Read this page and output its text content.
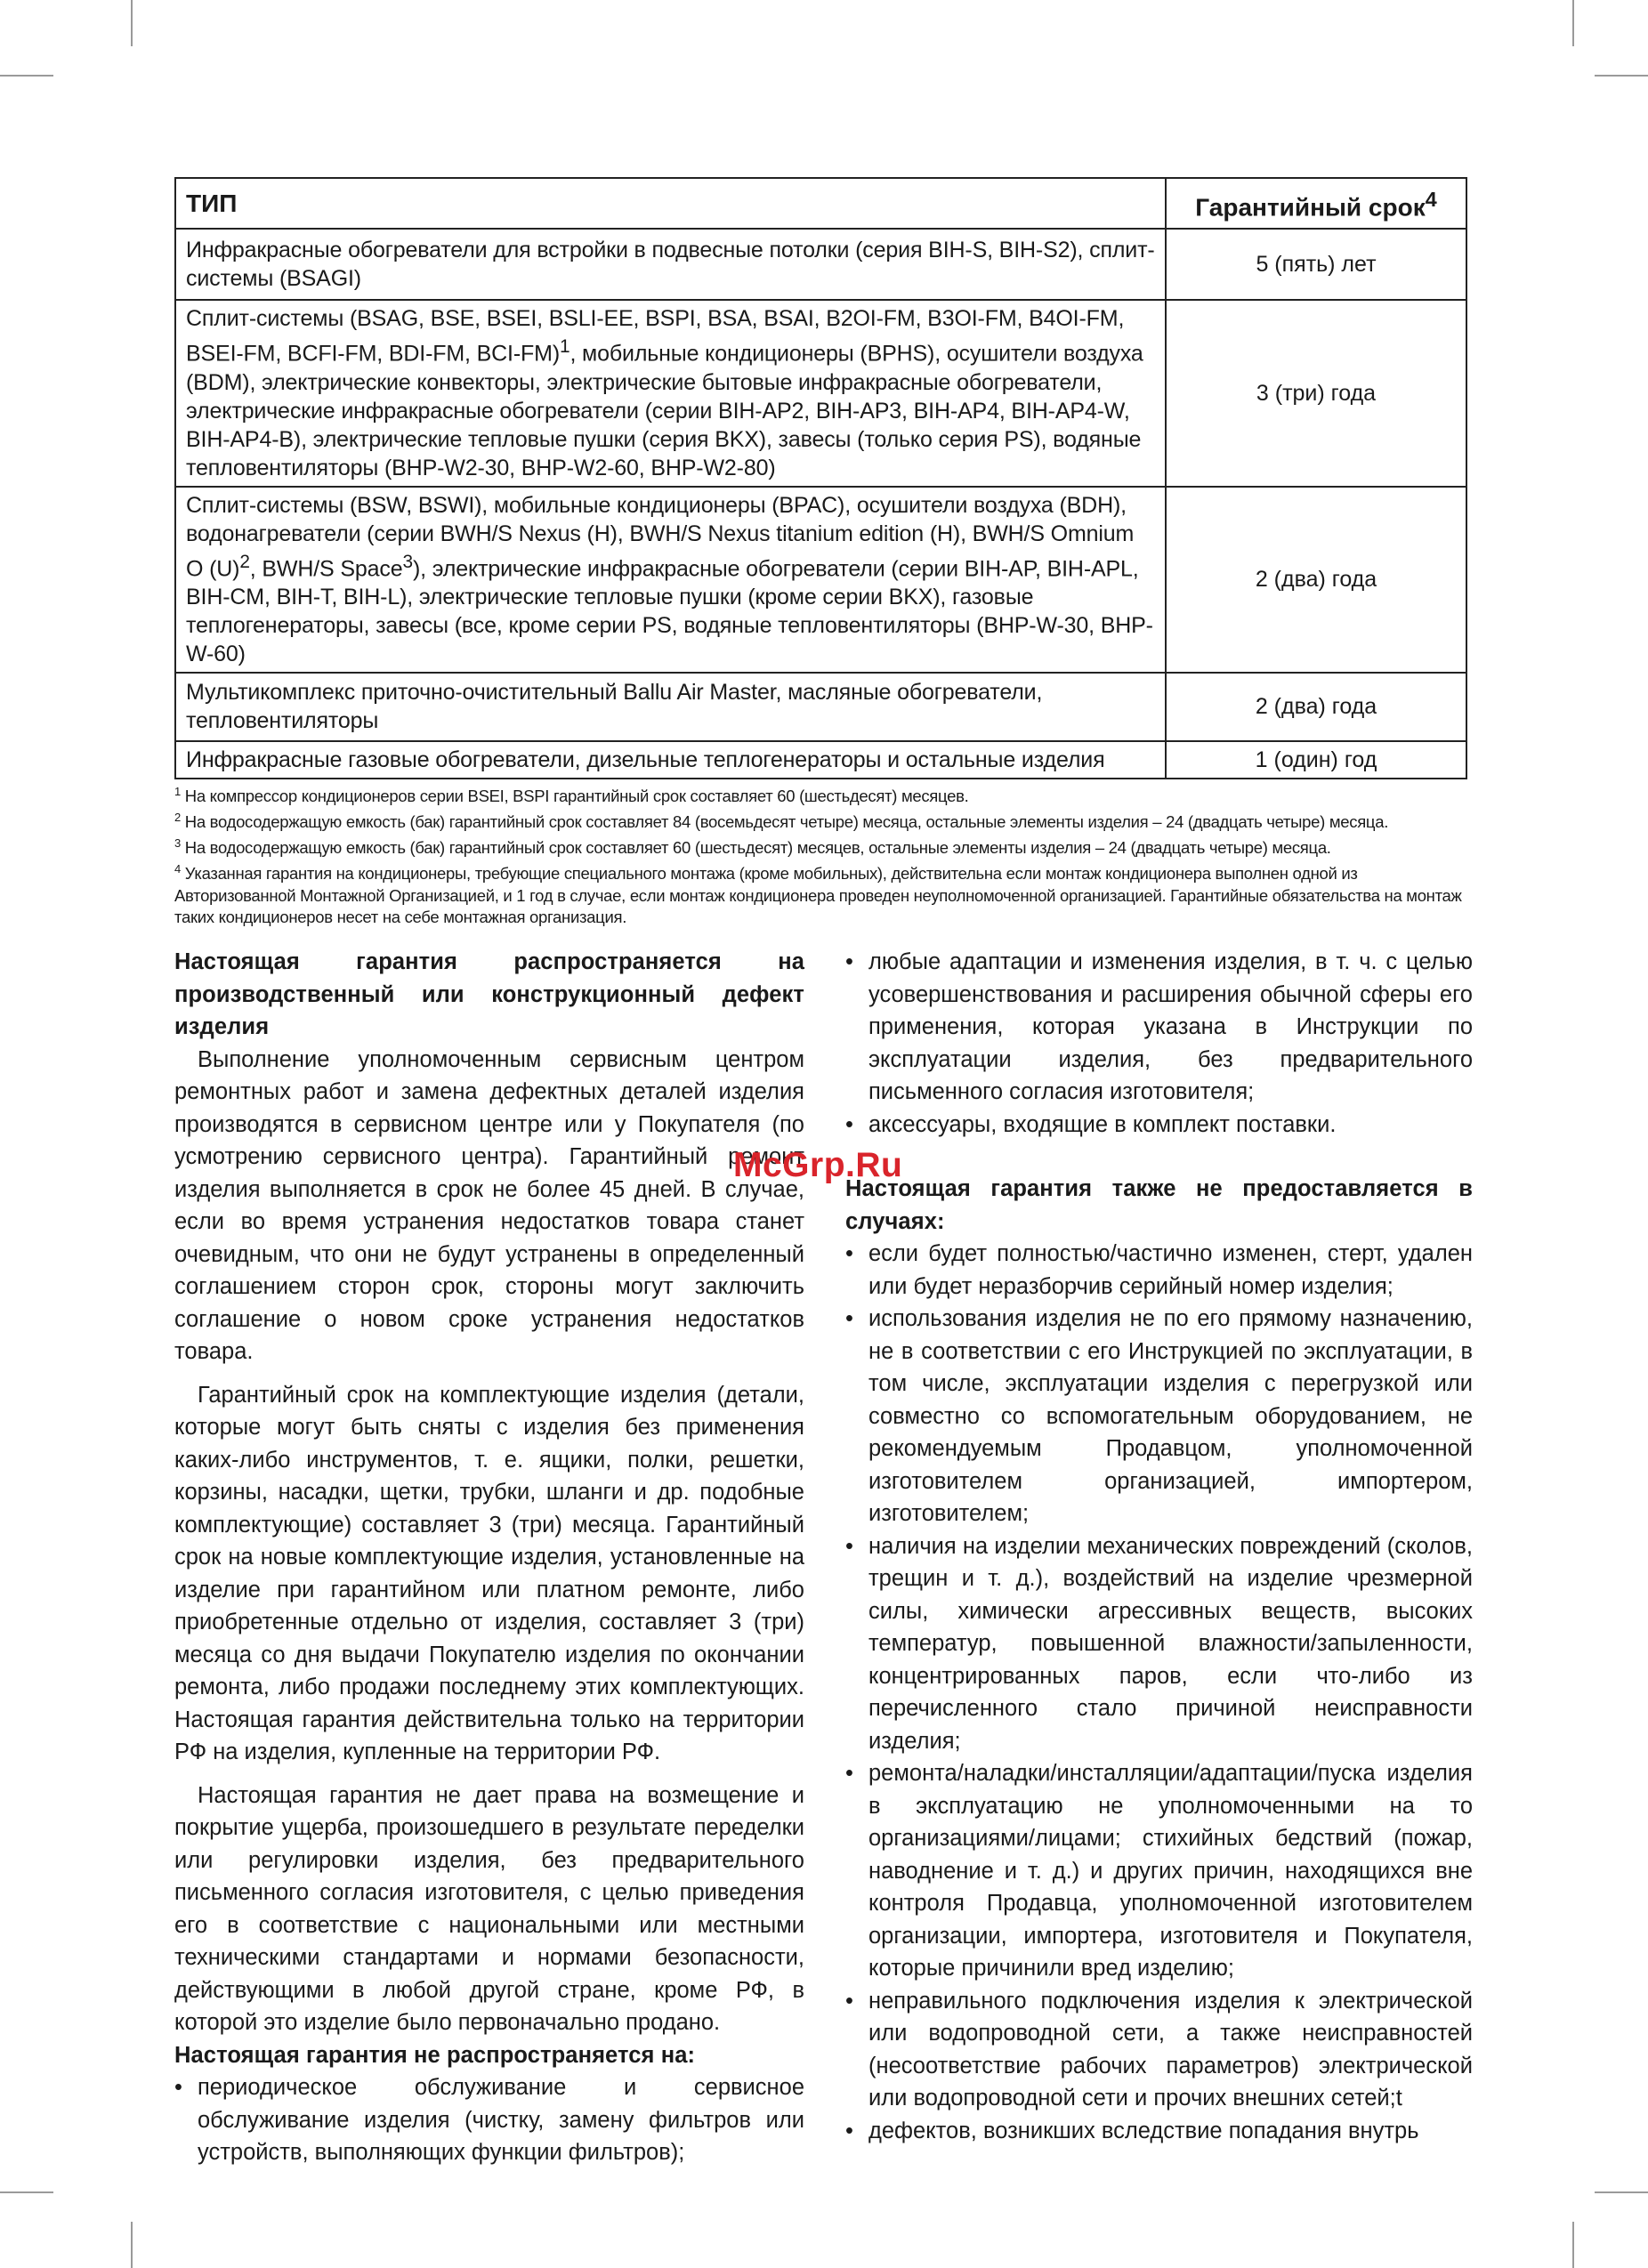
ТИП	Гарантийный срок$^4$
Инфракрасные обогреватели для встройки в подвесные потолки (серия BIH-S, BIH-S2), сплит-системы (BSAGI)	5 (пять) лет
Сплит-системы (BSAG, BSE, BSEI, BSLI-EE, BSPI, BSA, BSAI, B2OI-FM, B3OI-FM, B4OI-FM, BSEI-FM, BCFI-FM, BDI-FM, BCI-FM)$^1$, мобильные кондиционеры (BPHS), осушители воздуха (BDM), электрические конвекторы, электрические бытовые инфракрасные обогреватели, электрические инфракрасные обогреватели (серии BIH-AP2, BIH-AP3, BIH-AP4, BIH-AP4-W, BIH-AP4-B), электрические тепловые пушки (серия BKX), завесы (только серия PS), водяные тепловентиляторы (BHP-W2-30, BHP-W2-60, BHP-W2-80)	3 (три) года
Сплит-системы (BSW, BSWI), мобильные кондиционеры (BPAC), осушители воздуха (BDH), водонагреватели (серии BWH/S Nexus (H), BWH/S Nexus titanium edition (H), BWH/S Omnium O $(U)^2$, BWH/S Space$^3$), электрические инфракрасные обогреватели (серии BIH-AP, BIH-APL, BIH-CM, BIH-T, BIH-L), электрические тепловые пушки (кроме серии BKX), газовые теплогенераторы, завесы (все, кроме серии PS, водяные тепловентиляторы (BHP-W-30, BHP-W-60)	2 (два) года
Мультикомплекс приточно-очистительный Ballu Air Master, масляные обогреватели, тепловентиляторы	2 (два) года
Инфракрасные газовые обогреватели, дизельные теплогенераторы и остальные изделия	1 (один) год
$^1$ На компрессор кондиционеров серии BSEI, BSPI гарантийный срок составляет 60 (шестьдесят) месяцев.
$^2$ На водосодержащую емкость (бак) гарантийный срок составляет 84 (восемьдесят четыре) месяца, остальные элементы изделия – 24 (двадцать четыре) месяца.
$^3$ На водосодержащую емкость (бак) гарантийный срок составляет 60 (шестьдесят) месяцев, остальные элементы изделия – 24 (двадцать четыре) месяца.
$^4$ Указанная гарантия на кондиционеры, требующие специального монтажа (кроме мобильных), действительна если монтаж кондиционера выполнен одной из Авторизованной Монтажной Организацией, и 1 год в случае, если монтаж кондиционера проведен неуполномоченной организацией. Гарантийные обязательства на монтаж таких кондиционеров несет на себе монтажная организация.

Настоящая гарантия распространяется на производственный или конструкционный дефект изделия

Выполнение уполномоченным сервисным центром ремонтных работ и замена дефектных деталей изделия производятся в сервисном центре или у Покупателя (по усмотрению сервисного центра). Гарантийный ремонт изделия выполняется в срок не более 45 дней. В случае, если во время устранения недостатков товара станет очевидным, что они не будут устранены в определенный соглашением сторон срок, стороны могут заключить соглашение о новом сроке устранения недостатков товара.

Гарантийный срок на комплектующие изделия (детали, которые могут быть сняты с изделия без применения каких-либо инструментов, т. е. ящики, полки, решетки, корзины, насадки, щетки, трубки, шланги и др. подобные комплектующие) составляет 3 (три) месяца. Гарантийный срок на новые комплектующие изделия, установленные на изделие при гарантийном или платном ремонте, либо приобретенные отдельно от изделия, составляет 3 (три) месяца со дня выдачи Покупателю изделия по окончании ремонта, либо продажи последнему этих комплектующих. Настоящая гарантия действительна только на территории РФ на изделия, купленные на территории РФ.

Настоящая гарантия не дает права на возмещение и покрытие ущерба, произошедшего в результате переделки или регулировки изделия, без предварительного письменного согласия изготовителя, с целью приведения его в соответствие с национальными или местными техническими стандартами и нормами безопасности, действующими в любой другой стране, кроме РФ, в которой это изделие было первоначально продано.

Настоящая гарантия не распространяется на:

• периодическое обслуживание и сервисное обслуживание изделия (чистку, замену фильтров или устройств, выполняющих функции фильтров);
• любые адаптации и изменения изделия, в т. ч. с целью усовершенствования и расширения обычной сферы его применения, которая указана в Инструкции по эксплуатации изделия, без предварительного письменного согласия изготовителя;
• аксессуары, входящие в комплект поставки.

Настоящая гарантия также не предоставляется в случаях:

• если будет полностью/частично изменен, стерт, удален или будет неразборчив серийный номер изделия;
• использования изделия не по его прямому назначению, не в соответствии с его Инструкцией по эксплуатации, в том числе, эксплуатации изделия с перегрузкой или совместно со вспомогательным оборудованием, не рекомендуемым Продавцом, уполномоченной изготовителем организацией, импортером, изготовителем;
• наличия на изделии механических повреждений (сколов, трещин и т. д.), воздействий на изделие чрезмерной силы, химически агрессивных веществ, высоких температур, повышенной влажности/запыленности, концентрированных паров, если что-либо из перечисленного стало причиной неисправности изделия;
• ремонта/наладки/инсталляции/адаптации/пуска изделия в эксплуатацию не уполномоченными на то организациями/лицами; стихийных бедствий (пожар, наводнение и т. д.) и других причин, находящихся вне контроля Продавца, уполномоченной изготовителем организации, импортера, изготовителя и Покупателя, которые причинили вред изделию;
• неправильного подключения изделия к электрической или водопроводной сети, а также неисправностей (несоответствие рабочих параметров) электрической или водопроводной сети и прочих внешних сетей;t
• дефектов, возникших вследствие попадания внутрь
McGrp.Ru
